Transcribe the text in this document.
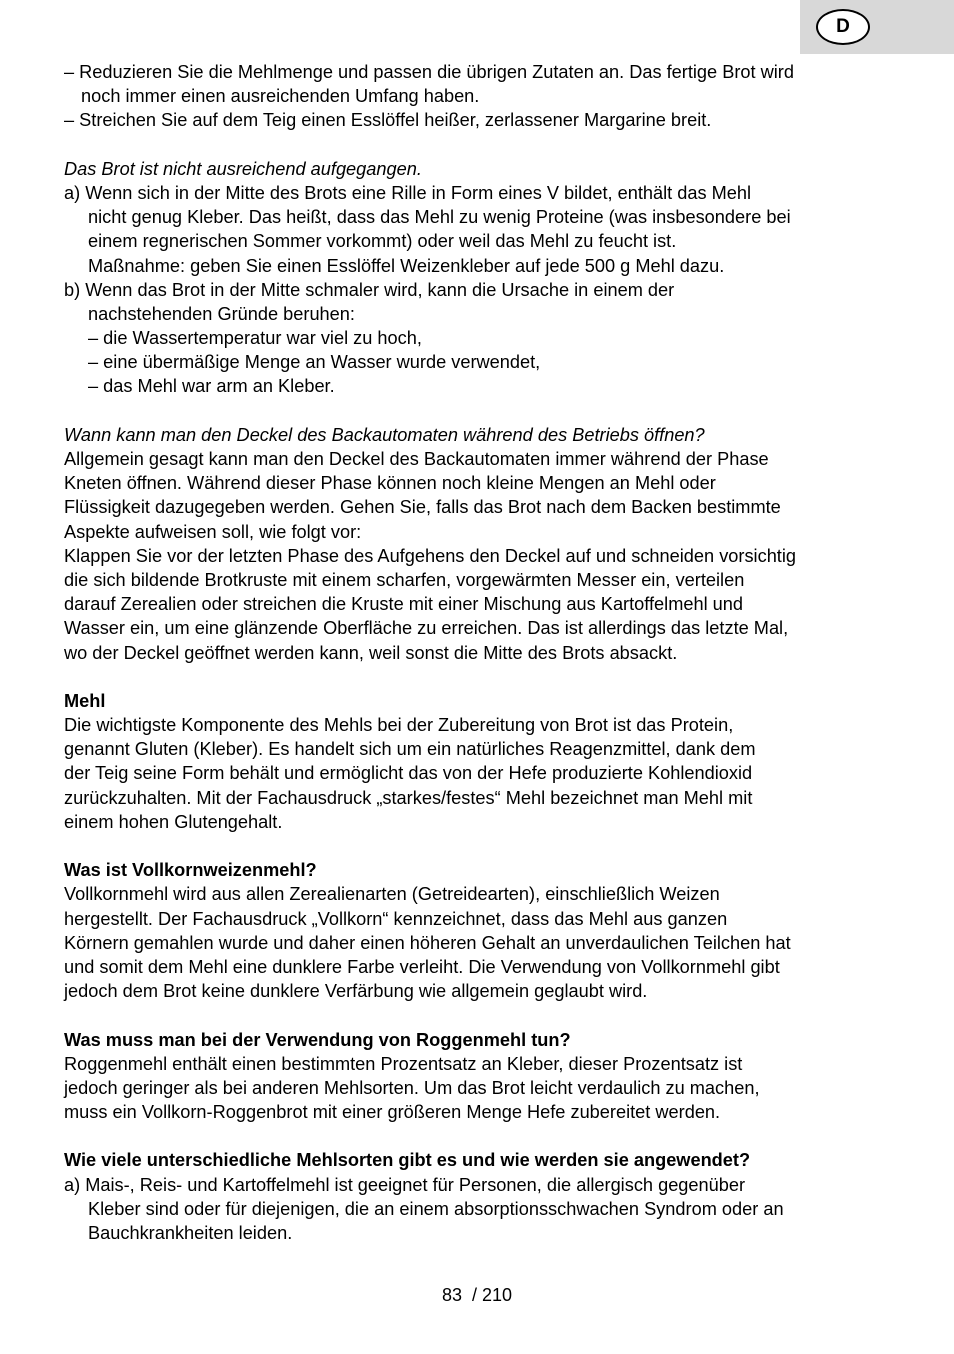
D
– Reduzieren Sie die Mehlmenge und passen die übrigen Zutaten an. Das fertige Brot wird
noch immer einen ausreichenden Umfang haben.
– Streichen Sie auf dem Teig einen Esslöffel heißer, zerlassener Margarine breit.
Das Brot ist nicht ausreichend aufgegangen.
a) Wenn sich in der Mitte des Brots eine Rille in Form eines V bildet, enthält das Mehl
nicht genug Kleber. Das heißt, dass das Mehl zu wenig Proteine (was insbesondere bei
einem regnerischen Sommer vorkommt) oder weil das Mehl zu feucht ist.
Maßnahme: geben Sie einen Esslöffel Weizenkleber auf jede 500 g Mehl dazu.
b) Wenn das Brot in der Mitte schmaler wird, kann die Ursache in einem der
nachstehenden Gründe beruhen:
– die Wassertemperatur war viel zu hoch,
– eine übermäßige Menge an Wasser wurde verwendet,
– das Mehl war arm an Kleber.
Wann kann man den Deckel des Backautomaten während des Betriebs öffnen?
Allgemein gesagt kann man den Deckel des Backautomaten immer während der Phase
Kneten öffnen. Während dieser Phase können noch kleine Mengen an Mehl oder
Flüssigkeit dazugegeben werden. Gehen Sie, falls das Brot nach dem Backen bestimmte
Aspekte aufweisen soll, wie folgt vor:
Klappen Sie vor der letzten Phase des Aufgehens den Deckel auf und schneiden vorsichtig
die sich bildende Brotkruste mit einem scharfen, vorgewärmten Messer ein, verteilen
darauf Zerealien oder streichen die Kruste mit einer Mischung aus Kartoffelmehl und
Wasser ein, um eine glänzende Oberfläche zu erreichen. Das ist allerdings das letzte Mal,
wo der Deckel geöffnet werden kann, weil sonst die Mitte des Brots absackt.
Mehl
Die wichtigste Komponente des Mehls bei der Zubereitung von Brot ist das Protein,
genannt Gluten (Kleber). Es handelt sich um ein natürliches Reagenzmittel, dank dem
der Teig seine Form behält und ermöglicht das von der Hefe produzierte Kohlendioxid
zurückzuhalten. Mit der Fachausdruck „starkes/festes“ Mehl bezeichnet man Mehl mit
einem hohen Glutengehalt.
Was ist Vollkornweizenmehl?
Vollkornmehl wird aus allen Zerealienarten (Getreidearten), einschließlich Weizen
hergestellt. Der Fachausdruck „Vollkorn“ kennzeichnet, dass das Mehl aus ganzen
Körnern gemahlen wurde und daher einen höheren Gehalt an unverdaulichen Teilchen hat
und somit dem Mehl eine dunklere Farbe verleiht. Die Verwendung von Vollkornmehl gibt
jedoch dem Brot keine dunklere Verfärbung wie allgemein geglaubt wird.
Was muss man bei der Verwendung von Roggenmehl tun?
Roggenmehl enthält einen bestimmten Prozentsatz an Kleber, dieser Prozentsatz ist
jedoch geringer als bei anderen Mehlsorten. Um das Brot leicht verdaulich zu machen,
muss ein Vollkorn-Roggenbrot mit einer größeren Menge Hefe zubereitet werden.
Wie viele unterschiedliche Mehlsorten gibt es und wie werden sie angewendet?
a) Mais-, Reis- und Kartoffelmehl ist geeignet für Personen, die allergisch gegenüber
Kleber sind oder für diejenigen, die an einem absorptionsschwachen Syndrom oder an
Bauchkrankheiten leiden.
83 / 210
